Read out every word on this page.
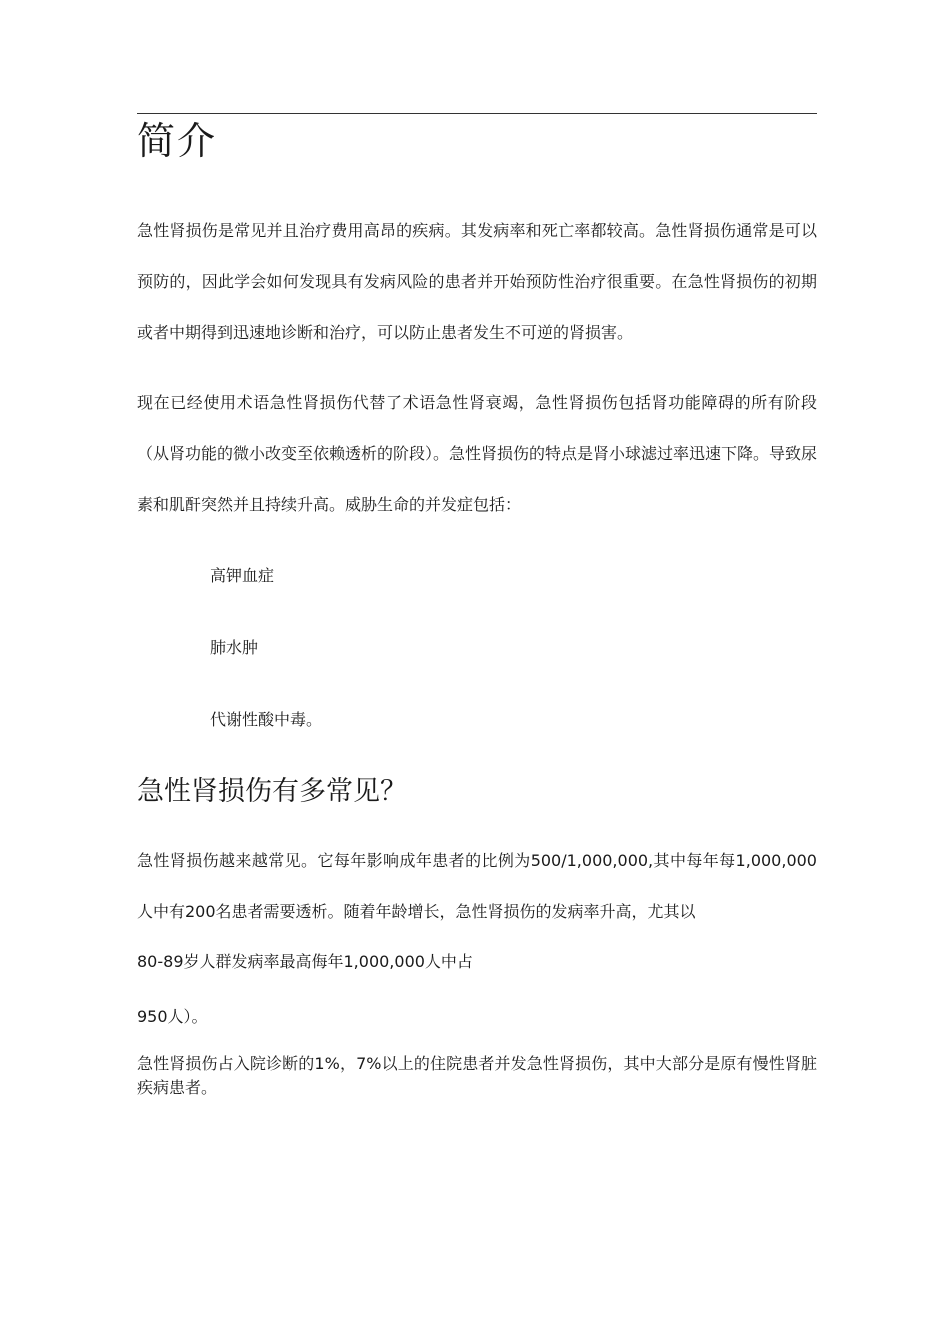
简介

急性肾损伤是常见并且治疗费用高昂的疾病。其发病率和死亡率都较高。急性肾损伤通常是可以预防的，因此学会如何发现具有发病风险的患者并开始预防性治疗很重要。在急性肾损伤的初期或者中期得到迅速地诊断和治疗，可以防止患者发生不可逆的肾损害。

现在已经使用术语急性肾损伤代替了术语急性肾衰竭，急性肾损伤包括肾功能障碍的所有阶段（从肾功能的微小改变至依赖透析的阶段）。急性肾损伤的特点是肾小球滤过率迅速下降。导致尿素和肌酐突然并且持续升高。威胁生命的并发症包括：

高钾血症

肺水肿

代谢性酸中毒。

急性肾损伤有多常见？

急性肾损伤越来越常见。它每年影响成年患者的比例为500/1,000,000,其中每年每1,000,000人中有200名患者需要透析。随着年龄增长，急性肾损伤的发病率升高，尤其以

80-89岁人群发病率最高侮年1,000,000人中占

950人）。

急性肾损伤占入院诊断的1%，7%以上的住院患者并发急性肾损伤，其中大部分是原有慢性肾脏疾病患者。
